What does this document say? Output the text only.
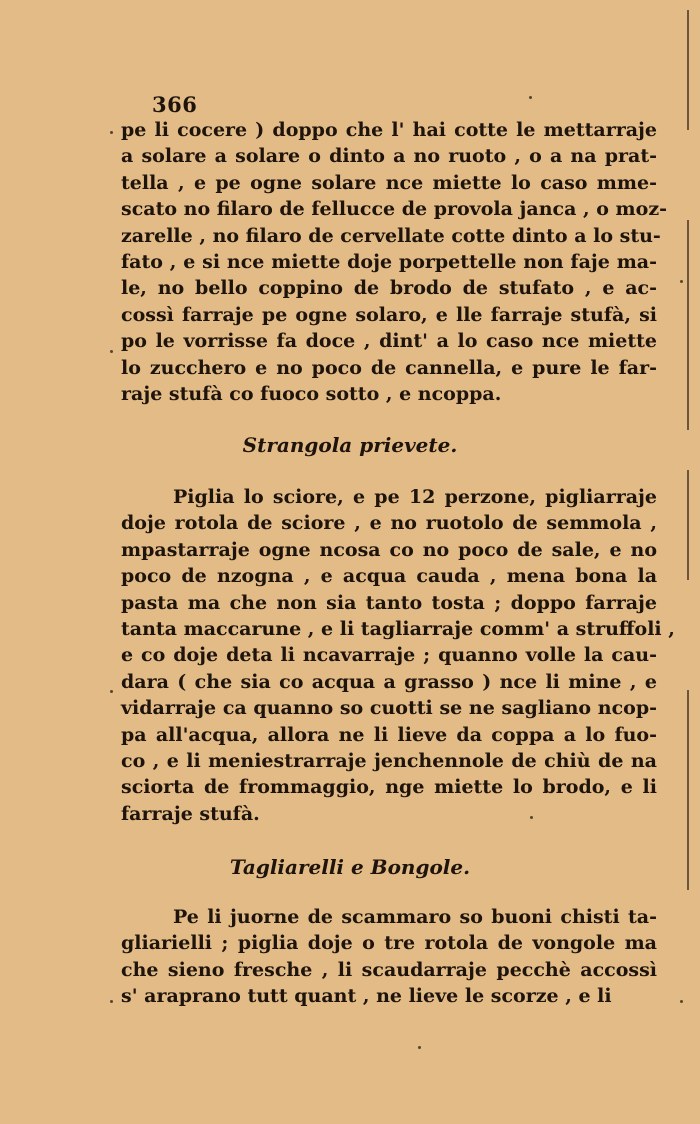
366
pe li cocere ) doppo che l' hai cotte le mettarraje
a solare a solare o dinto a no ruoto , o a na prat-
tella , e pe ogne solare nce miette lo caso mme-
scato no filaro de fellucce de provola janca , o moz-
zarelle , no filaro de cervellate cotte dinto a lo stu-
fato , e si nce miette doje porpettelle non faje ma-
le, no bello coppino de brodo de stufato , e ac-
cossì farraje pe ogne solaro, e lle farraje stufà, si
po le vorrisse fa doce , dint' a lo caso nce miette
lo zucchero e no poco de cannella, e pure le far-
raje stufà co fuoco sotto , e ncoppa.
Strangola prievete.
Piglia lo sciore, e pe 12 perzone, pigliarraje
doje rotola de sciore , e no ruotolo de semmola ,
mpastarraje ogne ncosa co no poco de sale, e no
poco de nzogna , e acqua cauda , mena bona la
pasta ma che non sia tanto tosta ; doppo farraje
tanta maccarune , e li tagliarraje comm' a struffoli ,
e co doje deta li ncavarraje ; quanno volle la cau-
dara ( che sia co acqua a grasso ) nce li mine , e
vidarraje ca quanno so cuotti se ne sagliano ncop-
pa all'acqua, allora ne li lieve da coppa a lo fuo-
co , e li meniestrarraje jenchennole de chiù de na
sciorta de frommaggio, nge miette lo brodo, e li
farraje stufà.
Tagliarelli e Bongole.
Pe li juorne de scammaro so buoni chisti ta-
gliarielli ; piglia doje o tre rotola de vongole ma
che sieno fresche , li scaudarraje pecchè accossì
s' araprano tutt quant , ne lieve le scorze , e li
